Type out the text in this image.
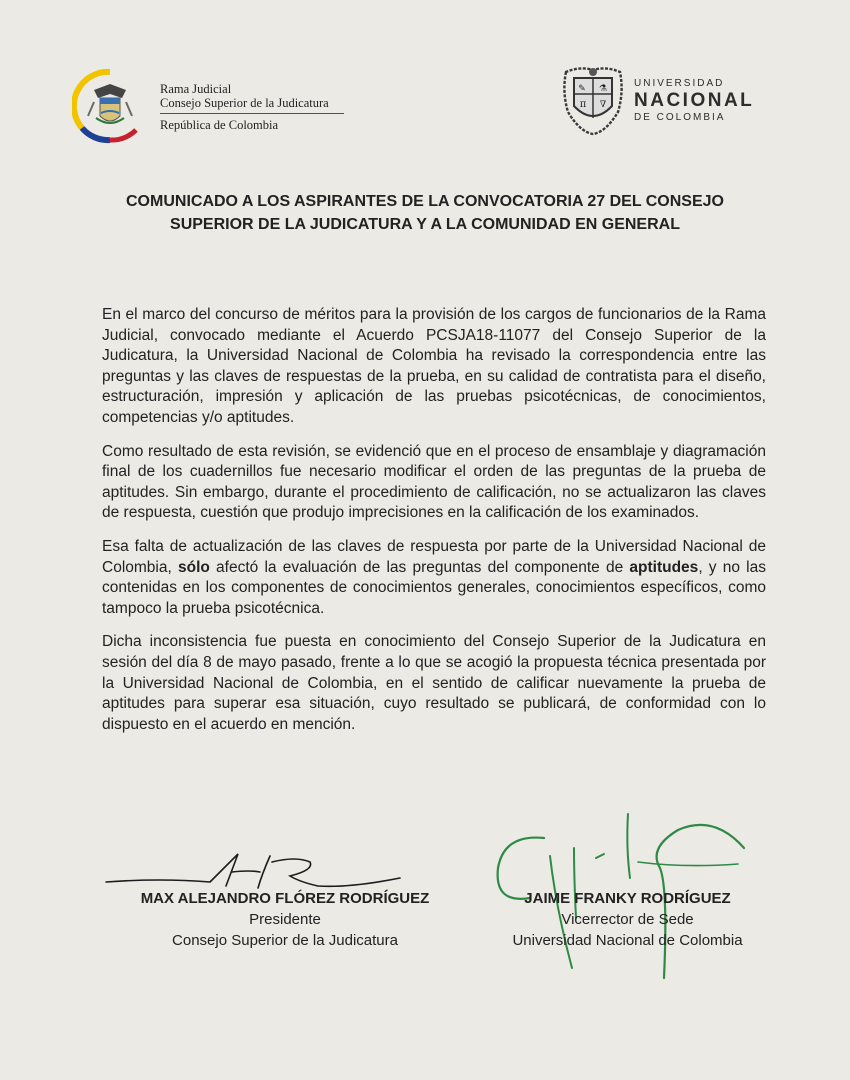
Rama Judicial
Consejo Superior de la Judicatura
República de Colombia
✎ ⚗
π ∇
UNIVERSIDAD
NACIONAL
DE COLOMBIA
COMUNICADO A LOS ASPIRANTES DE LA CONVOCATORIA 27 DEL CONSEJO SUPERIOR DE LA JUDICATURA Y A LA COMUNIDAD EN GENERAL

En el marco del concurso de méritos para la provisión de los cargos de funcionarios de la Rama Judicial, convocado mediante el Acuerdo PCSJA18-11077 del Consejo Superior de la Judicatura, la Universidad Nacional de Colombia ha revisado la correspondencia entre las preguntas y las claves de respuestas de la prueba, en su calidad de contratista para el diseño, estructuración, impresión y aplicación de las pruebas psicotécnicas, de conocimientos, competencias y/o aptitudes.

Como resultado de esta revisión, se evidenció que en el proceso de ensamblaje y diagramación final de los cuadernillos fue necesario modificar el orden de las preguntas de la prueba de aptitudes. Sin embargo, durante el procedimiento de calificación, no se actualizaron las claves de respuesta, cuestión que produjo imprecisiones en la calificación de los examinados.

Esa falta de actualización de las claves de respuesta por parte de la Universidad Nacional de Colombia, sólo afectó la evaluación de las preguntas del componente de aptitudes, y no las contenidas en los componentes de conocimientos generales, conocimientos específicos, como tampoco la prueba psicotécnica.

Dicha inconsistencia fue puesta en conocimiento del Consejo Superior de la Judicatura en sesión del día 8 de mayo pasado, frente a lo que se acogió la propuesta técnica presentada por la Universidad Nacional de Colombia, en el sentido de calificar nuevamente la prueba de aptitudes para superar esa situación, cuyo resultado se publicará, de conformidad con lo dispuesto en el acuerdo en mención.

MAX ALEJANDRO FLÓREZ RODRÍGUEZ
Presidente
Consejo Superior de la Judicatura
JAIME FRANKY RODRÍGUEZ
Vicerrector de Sede
Universidad Nacional de Colombia
